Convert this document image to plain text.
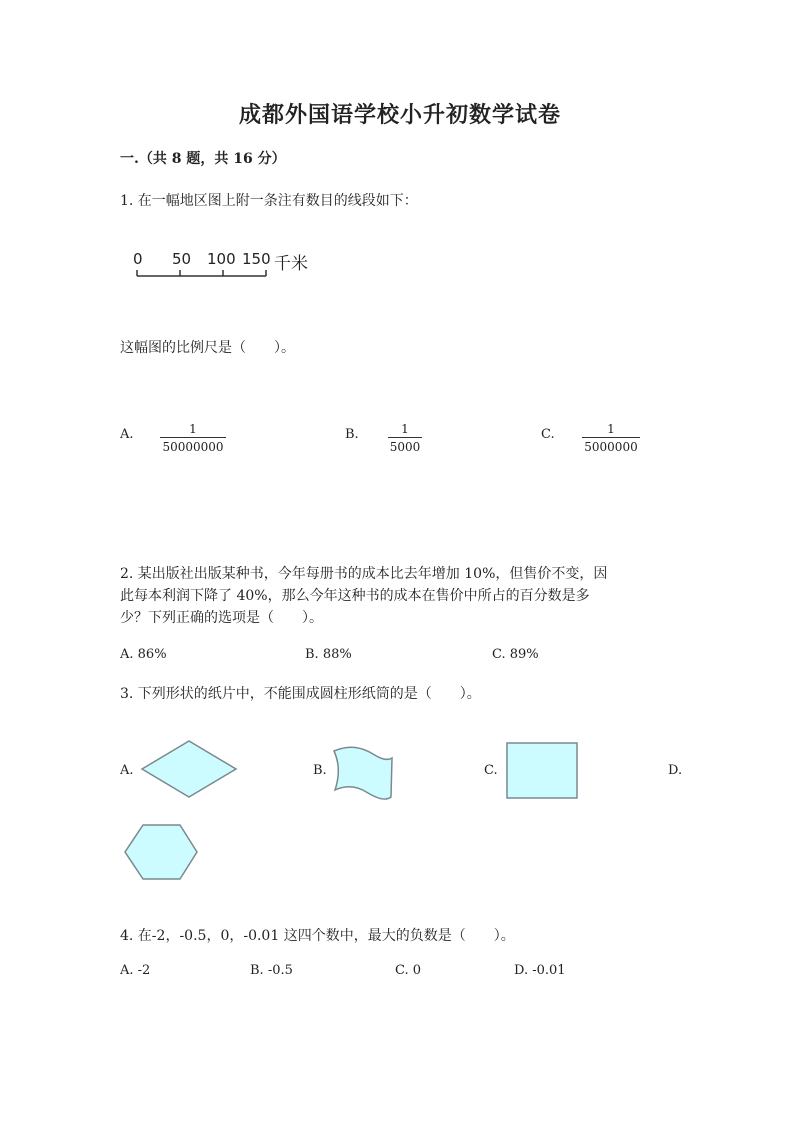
成都外国语学校小升初数学试卷
一.（共 8 题，共 16 分）
1. 在一幅地区图上附一条注有数目的线段如下：
0 50 100 150 千米
这幅图的比例尺是（　　）。
A. $\frac{1}{50000000}$	B. $\frac{1}{5000}$	C. $\frac{1}{5000000}$
2. 某出版社出版某种书，今年每册书的成本比去年增加 10%，但售价不变，因
此每本利润下降了 40%，那么今年这种书的成本在售价中所占的百分数是多
少？下列正确的选项是（　　）。
A. 86%	B. 88%	C. 89%
3. 下列形状的纸片中，不能围成圆柱形纸筒的是（　　）。
A.	B.	C.	D.
4. 在-2，-0.5，0，-0.01 这四个数中，最大的负数是（　　）。
A. -2	B. -0.5	C. 0	D. -0.01
